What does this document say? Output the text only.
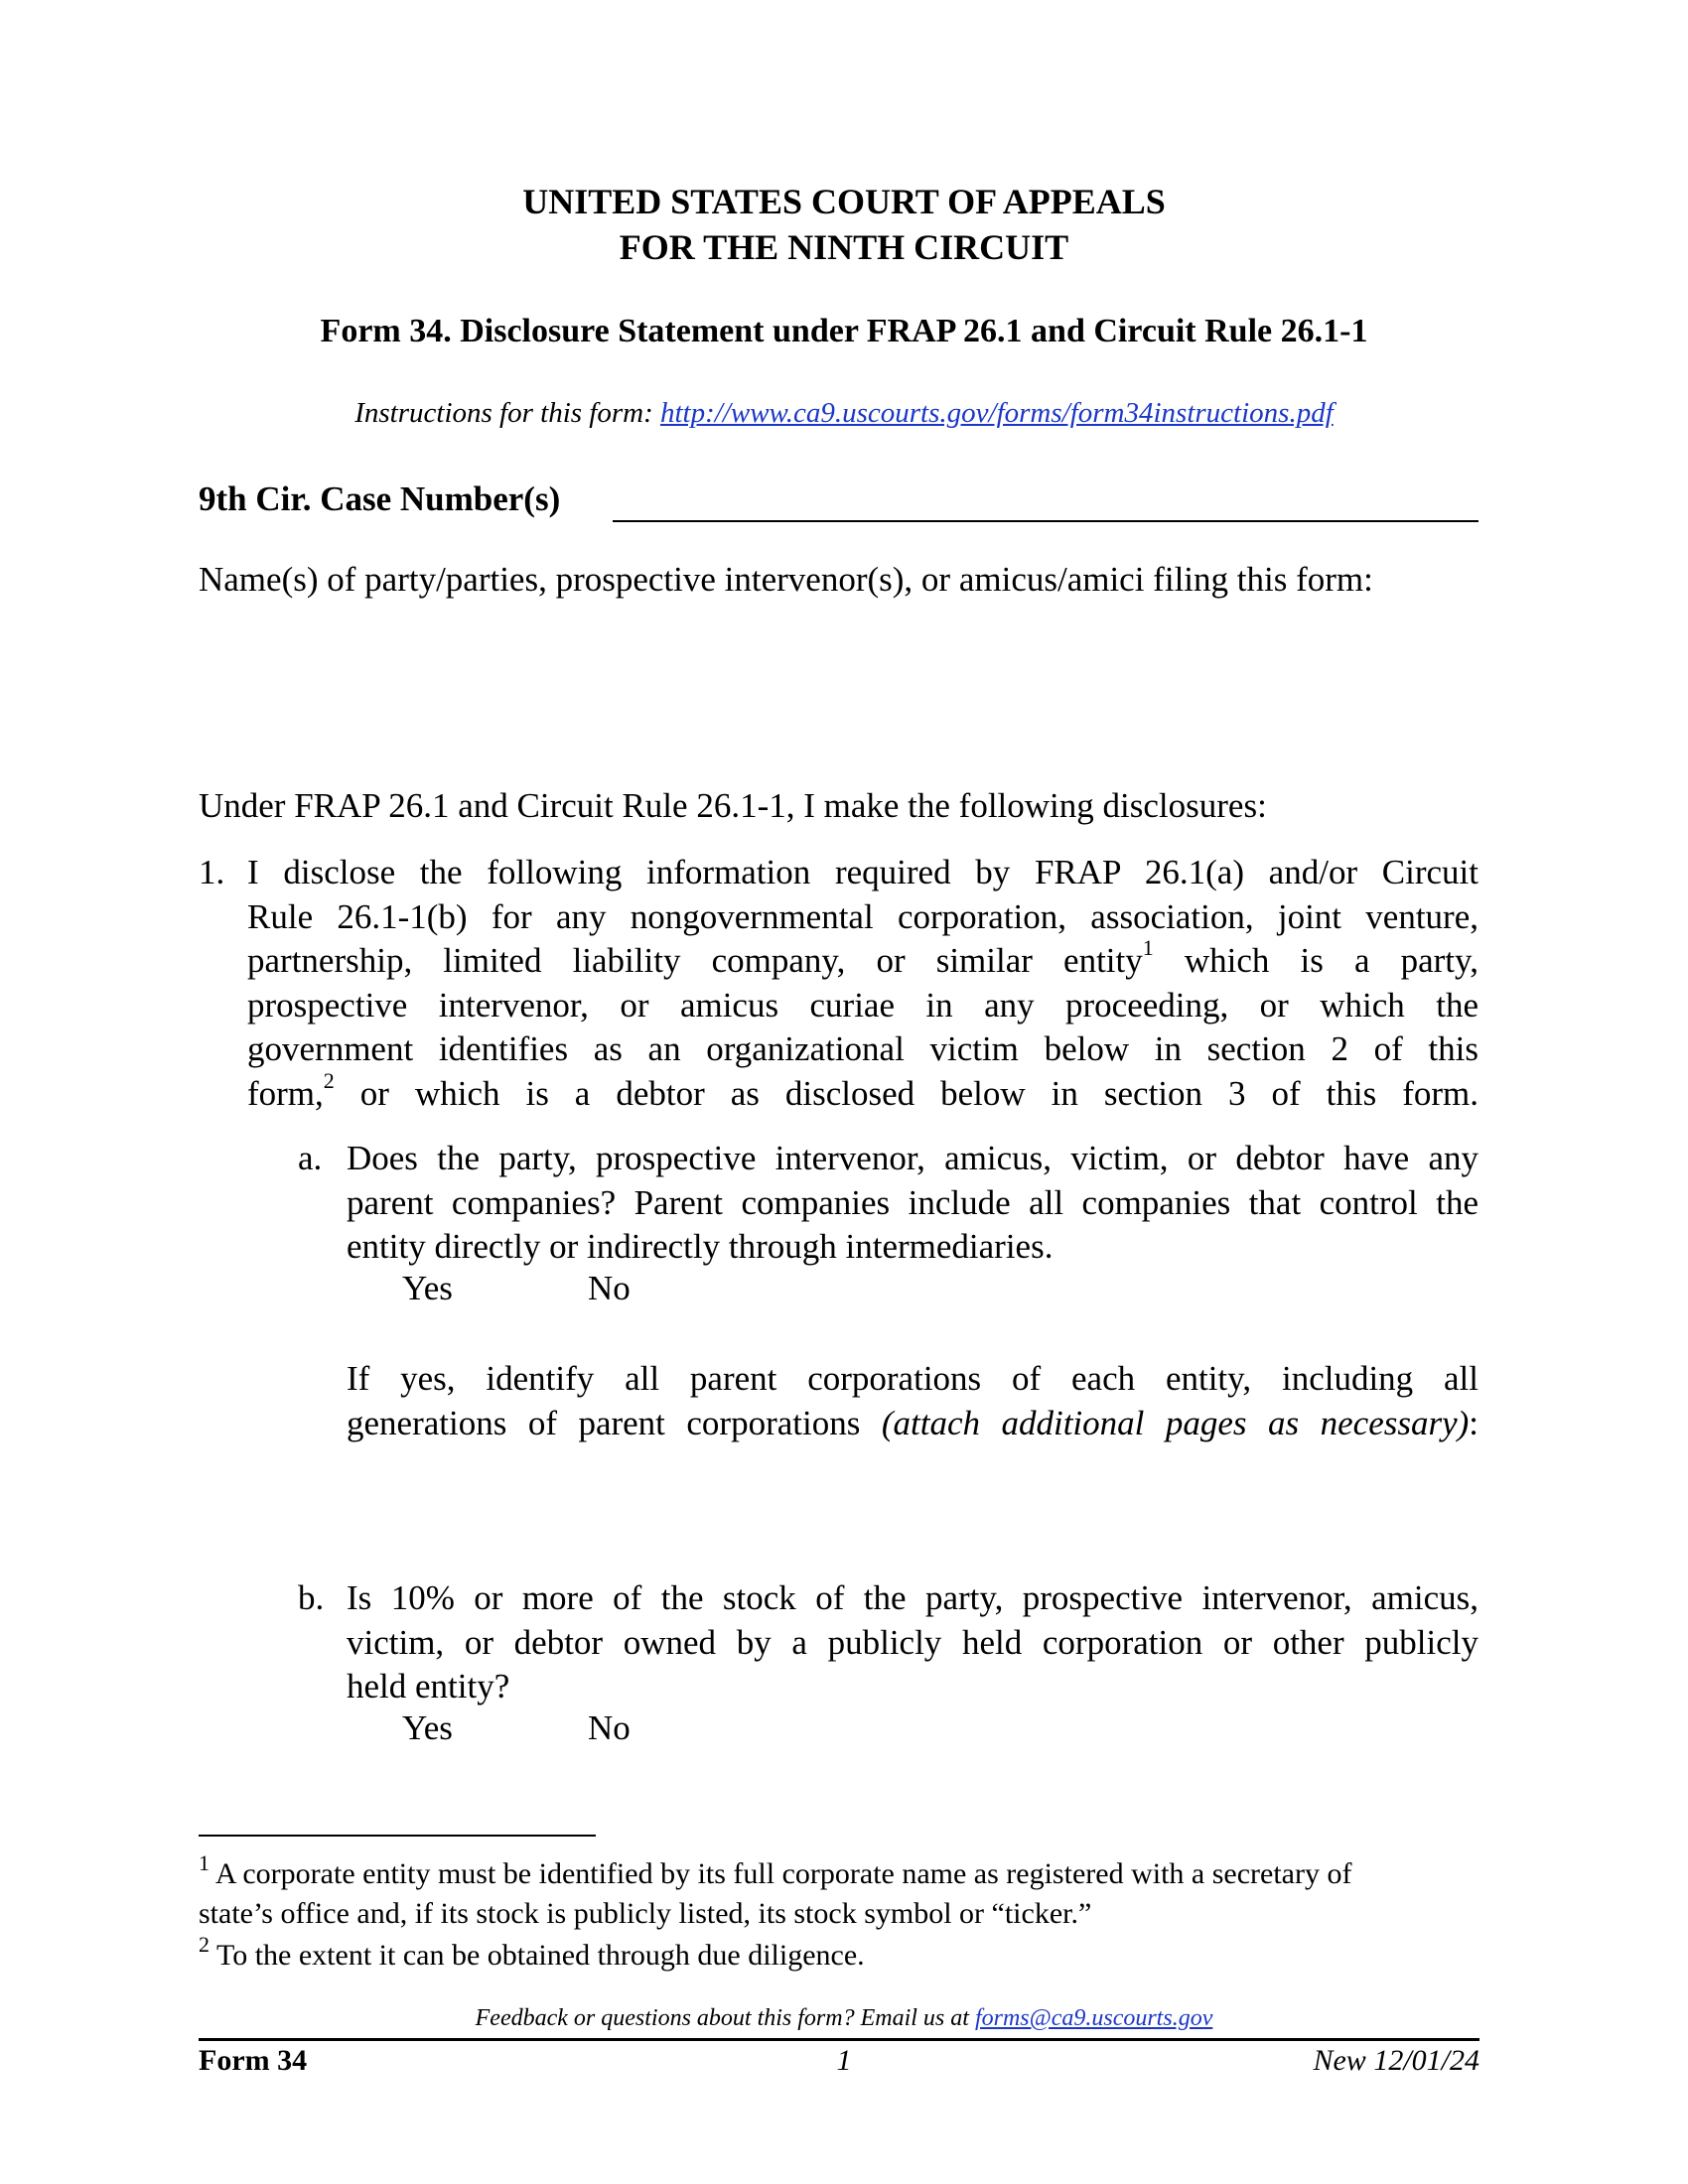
UNITED STATES COURT OF APPEALS
FOR THE NINTH CIRCUIT
Form 34. Disclosure Statement under FRAP 26.1 and Circuit Rule 26.1-1
Instructions for this form: http://www.ca9.uscourts.gov/forms/form34instructions.pdf
9th Cir. Case Number(s)
Name(s) of party/parties, prospective intervenor(s), or amicus/amici filing this form:
Under FRAP 26.1 and Circuit Rule 26.1-1, I make the following disclosures:
1. I disclose the following information required by FRAP 26.1(a) and/or Circuit
Rule 26.1-1(b) for any nongovernmental corporation, association, joint venture,
partnership, limited liability company, or similar entity$^1$ which is a party,
prospective intervenor, or amicus curiae in any proceeding, or which the
government identifies as an organizational victim below in section 2 of this
form,$^2$ or which is a debtor as disclosed below in section 3 of this form.
a. Does the party, prospective intervenor, amicus, victim, or debtor have any
parent companies? Parent companies include all companies that control the
entity directly or indirectly through intermediaries.
Yes	No
If yes, identify all parent corporations of each entity, including all
generations of parent corporations (attach additional pages as necessary):
b. Is 10% or more of the stock of the party, prospective intervenor, amicus,
victim, or debtor owned by a publicly held corporation or other publicly
held entity?
Yes	No
$^1$ A corporate entity must be identified by its full corporate name as registered with a secretary of
state’s office and, if its stock is publicly listed, its stock symbol or “ticker.”
$^2$ To the extent it can be obtained through due diligence.
Feedback or questions about this form? Email us at forms@ca9.uscourts.gov
Form 34	1	New 12/01/24
